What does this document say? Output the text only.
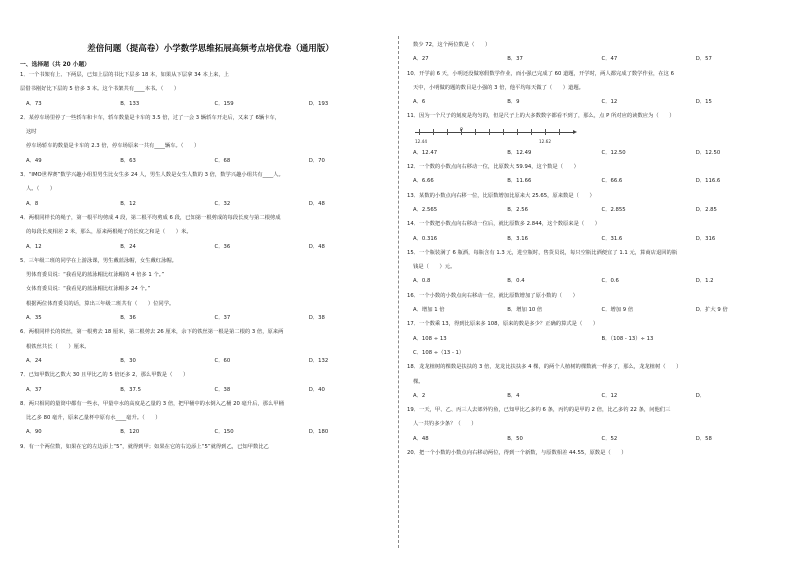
差倍问题（提高卷）小学数学思维拓展高频考点培优卷（通用版）
一、选择题（共 20 小题）

1．一个书架有上、下两层，已知上层的书比下层多 18 本，如果从下层拿 34 本上来，上

层借书刚好比下层的 5 倍多 3 本。这个书架共有____本书。（　　）

A．73	B．133	C．159	D．193

2．某停车场里停了一些轿车和卡车，轿车数量是卡车的 3.5 倍，过了一会 3 辆轿车开走后，又来了 6辆卡车，

这时

停车场轿车的数量是卡车的 2.3 倍，停车场原来一共有____辆车。（　　）

A．49	B．63	C．68	D．70

3．“IMO世界赛”数学兴趣小组里男生比女生多 24 人，男生人数是女生人数的 3 倍，数学兴趣小组共有____人。

人。（　　）

A．8	B．12	C．32	D．48

4．两根同样长的绳子，第一根平均剪成 4 段，第二根平均剪成 6 段，已知第一根剪成的每段长度与第二根剪成

的每段长度相差 2 米，那么，原来两根绳子的长度之和是（　　）米。

A．12	B．24	C．36	D．48

5．三年级二班的同学在上游泳课，男生戴蓝泳帽，女生戴红泳帽。

男体育委员说：“我看见的蓝泳帽比红泳帽的 4 倍多 1 个。”

女体育委员说：“我看见的蓝泳帽比红泳帽多 24 个。”

根据两位体育委员的话，算出三年级二班共有（　　）位同学。

A．35	B．36	C．37	D．38

6．两根同样长的铁丝，第一根剪去 18 厘米，第二根剪去 26 厘米，余下的铁丝第一根是第二根的 3 倍，原来两

根铁丝共长（　　）厘米。

A．24	B．30	C．60	D．132

7．已知甲数比乙数大 30 且甲比乙的 5 倍还多 2，那么甲数是（　　）

A．37	B．37.5	C．38	D．40

8．两只相同的量筒中都有一些水，甲量中水的高度是乙量的 3 倍，把甲桶中的水倒入乙桶 20 毫升后，那么甲桶

比乙多 80 毫升，原来乙量杯中原有水____毫升。（　　）

A．90	B．120	C．150	D．180

9．有一个两位数，如果在它的左边添上“5”，就得到甲；如果在它的右边添上“5”就得到乙，已知甲数比乙

数少 72，这个两位数是（　　）

A．27	B．37	C．47	D．57

10．开学前 6 天，小明还没做寒假数学作业，而小强已完成了 60 道题，开学时，两人都完成了数学作业，在这 6

天中，小明做的题的数目是小强的 3 倍，他平均每天做了（　　）道题。

A．6	B．9	C．12	D．15

11．因为一个尺子的刻度是均匀的，但是尺子上的大多数数字都看不到了，那么，点 P 所对应的读数应为（　　）

12.44	12.62
P
A．12.47	B．12.49	C．12.50	D．12.50

12．一个数的小数点向右移动一位，比原数大 59.94，这个数是（　　）

A．6.66	B．11.66	C．66.6	D．116.6

13．某数的小数点向右移一位，比原数增加比原来大 25.65，原来数是（　　）

A．2.565	B．2.56	C．2.855	D．2.85

14．一个数把小数点向右移动一位后，就比原数多 2.844，这个数原来是（　　）

A．0.316	B．3.16	C．31.6	D．316

15．一个瓶装满了 6 瓶酒，每瓶含有 1.3 元，进空瓶时，售货员说，每只空瓶比酒便宜了 1.1 元，算商店退回的瓶

钱是（　　）元。

A．0.8	B．0.4	C．0.6	D．1.2

16．一个小数的小数点向右移动一位，就比原数增加了原小数的（　　）

A．增加 1 倍	B．增加 10 倍	C．增加 9 倍	D．扩大 9 倍

17．一个数乘 13，得到比原来多 108，原来的数是多少？正确的算式是（　　）

A．108 ÷ 13	B．（108 - 13）÷ 13

C．108 ÷（13 - 1）

18．龙龙植树的棵数是扶扶的 3 倍，龙龙比扶扶多 4 棵，的两个人植树的棵数就一样多了，那么，龙龙植树（　　）

棵。

A．2	B．4	C．12	D．

19．一天，甲、乙、丙三人去郊外钓鱼，已知甲比乙多钓 6 条，丙钓的是甲的 2 倍，比乙多钓 22 条，问他们三

人一共钓多少条？（　　）

A．48	B．50	C．52	D．58

20．把一个小数的小数点向右移动两位，得到一个新数，与原数相差 44.55，原数是（　　）
